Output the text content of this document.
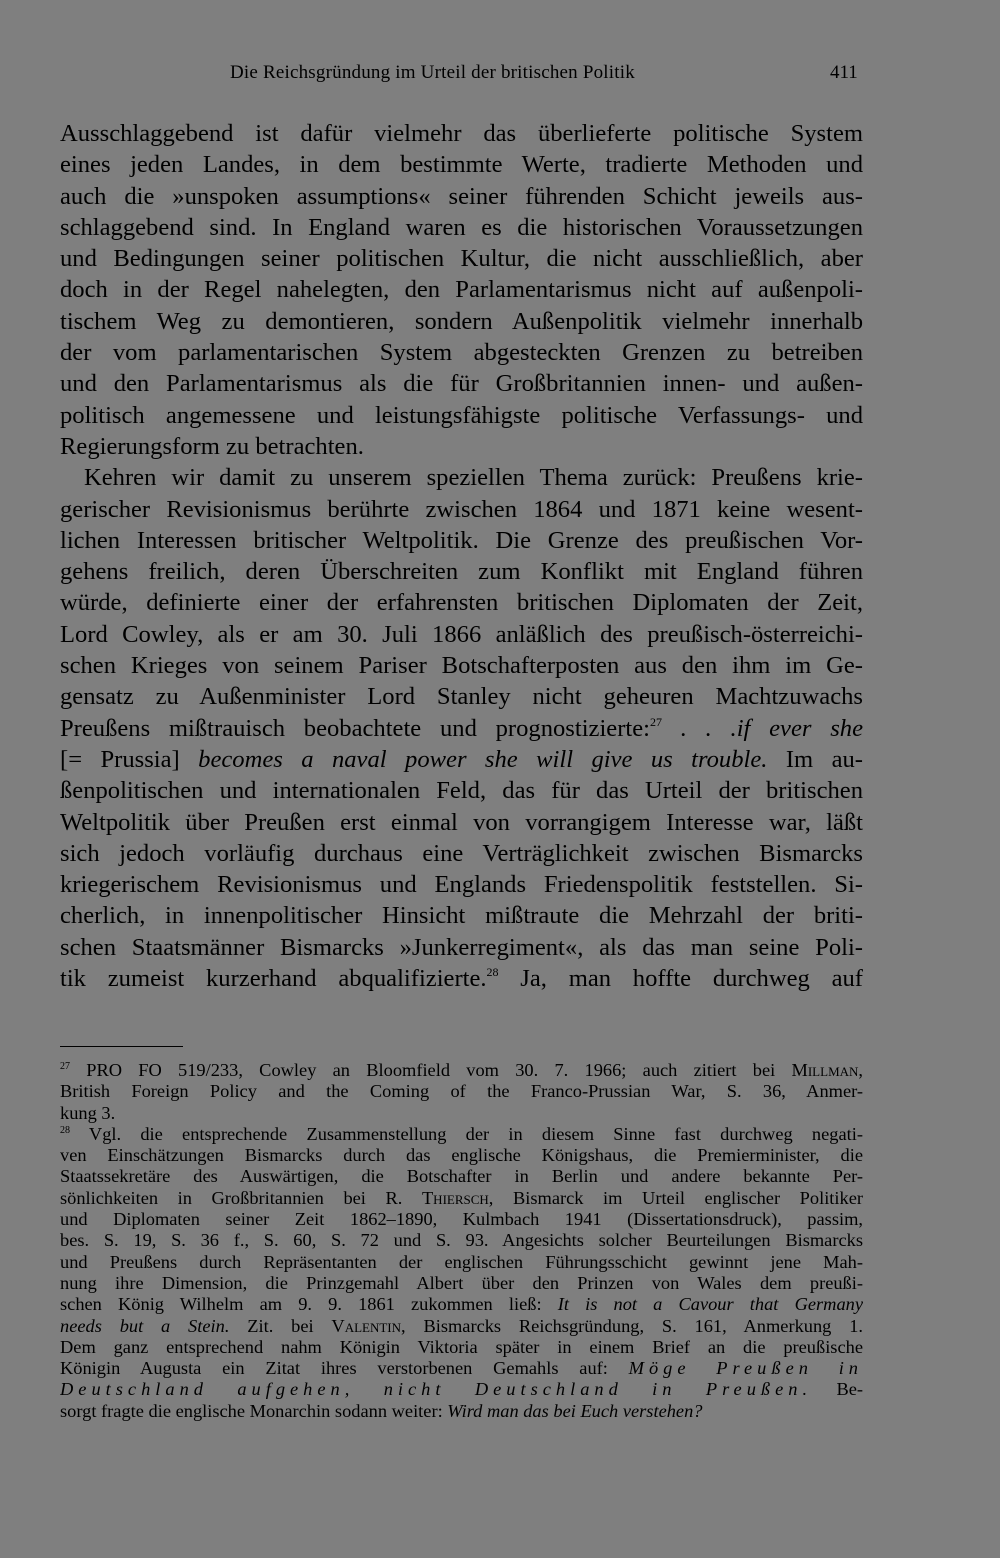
Die Reichsgründung im Urteil der britischen Politik	411
Ausschlaggebend ist dafür vielmehr das überlieferte politische System
eines jeden Landes, in dem bestimmte Werte, tradierte Methoden und
auch die »unspoken assumptions« seiner führenden Schicht jeweils aus-
schlaggebend sind. In England waren es die historischen Voraussetzungen
und Bedingungen seiner politischen Kultur, die nicht ausschließlich, aber
doch in der Regel nahelegten, den Parlamentarismus nicht auf außenpoli-
tischem Weg zu demontieren, sondern Außenpolitik vielmehr innerhalb
der vom parlamentarischen System abgesteckten Grenzen zu betreiben
und den Parlamentarismus als die für Großbritannien innen- und außen-
politisch angemessene und leistungsfähigste politische Verfassungs- und
Regierungsform zu betrachten.
Kehren wir damit zu unserem speziellen Thema zurück: Preußens krie-
gerischer Revisionismus berührte zwischen 1864 und 1871 keine wesent-
lichen Interessen britischer Weltpolitik. Die Grenze des preußischen Vor-
gehens freilich, deren Überschreiten zum Konflikt mit England führen
würde, definierte einer der erfahrensten britischen Diplomaten der Zeit,
Lord Cowley, als er am 30. Juli 1866 anläßlich des preußisch-österreichi-
schen Krieges von seinem Pariser Botschafterposten aus den ihm im Ge-
gensatz zu Außenminister Lord Stanley nicht geheuren Machtzuwachs
Preußens mißtrauisch beobachtete und prognostizierte:$^{27}$ . . .if ever she
[= Prussia] becomes a naval power she will give us trouble. Im au-
ßenpolitischen und internationalen Feld, das für das Urteil der britischen
Weltpolitik über Preußen erst einmal von vorrangigem Interesse war, läßt
sich jedoch vorläufig durchaus eine Verträglichkeit zwischen Bismarcks
kriegerischem Revisionismus und Englands Friedenspolitik feststellen. Si-
cherlich, in innenpolitischer Hinsicht mißtraute die Mehrzahl der briti-
schen Staatsmänner Bismarcks »Junkerregiment«, als das man seine Poli-
tik zumeist kurzerhand abqualifizierte.$^{28}$ Ja, man hoffte durchweg auf
$^{27}$ PRO FO 519/233, Cowley an Bloomfield vom 30. 7. 1966; auch zitiert bei Millman,
British Foreign Policy and the Coming of the Franco-Prussian War, S. 36, Anmer-
kung 3.
$^{28}$ Vgl. die entsprechende Zusammenstellung der in diesem Sinne fast durchweg negati-
ven Einschätzungen Bismarcks durch das englische Königshaus, die Premierminister, die
Staatssekretäre des Auswärtigen, die Botschafter in Berlin und andere bekannte Per-
sönlichkeiten in Großbritannien bei R. Thiersch, Bismarck im Urteil englischer Politiker
und Diplomaten seiner Zeit 1862–1890, Kulmbach 1941 (Dissertationsdruck), passim,
bes. S. 19, S. 36 f., S. 60, S. 72 und S. 93. Angesichts solcher Beurteilungen Bismarcks
und Preußens durch Repräsentanten der englischen Führungsschicht gewinnt jene Mah-
nung ihre Dimension, die Prinzgemahl Albert über den Prinzen von Wales dem preußi-
schen König Wilhelm am 9. 9. 1861 zukommen ließ: It is not a Cavour that Germany
needs but a Stein. Zit. bei Valentin, Bismarcks Reichsgründung, S. 161, Anmerkung 1.
Dem ganz entsprechend nahm Königin Viktoria später in einem Brief an die preußische
Königin Augusta ein Zitat ihres verstorbenen Gemahls auf: Möge Preußen in
Deutschland aufgehen, nicht Deutschland in Preußen. Be-
sorgt fragte die englische Monarchin sodann weiter: Wird man das bei Euch verstehen?
